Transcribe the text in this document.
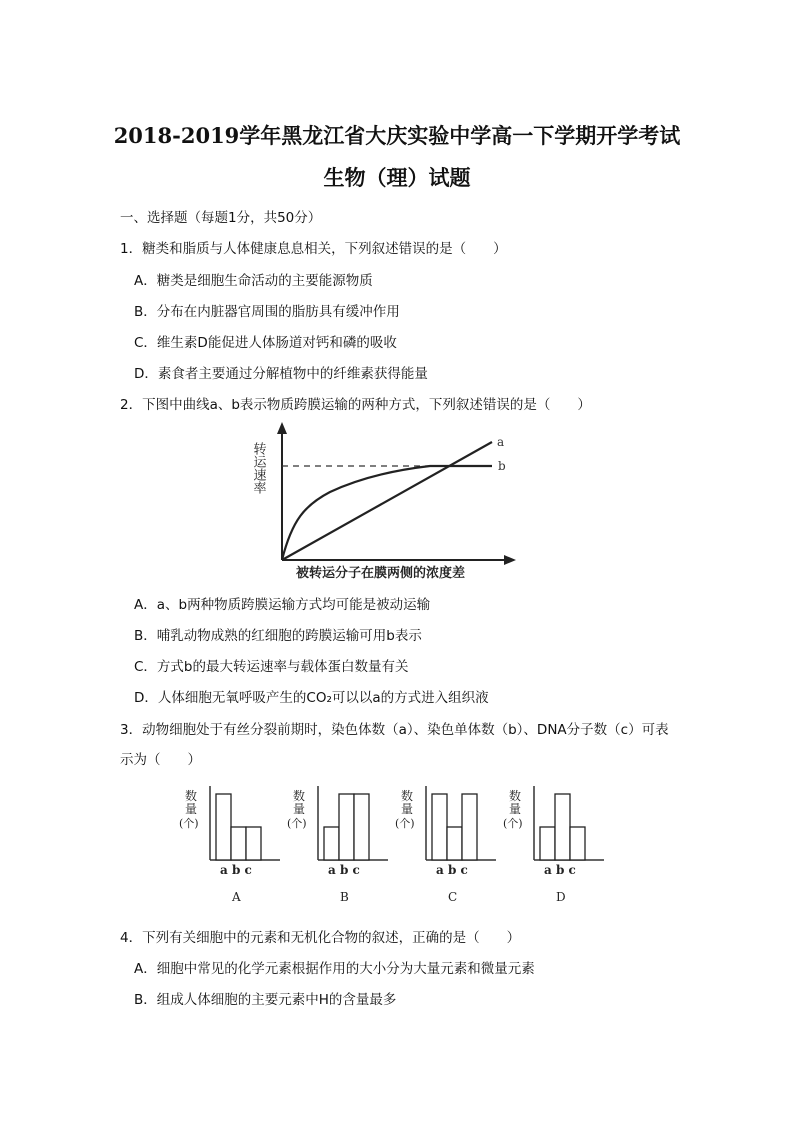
2018-2019学年黑龙江省大庆实验中学高一下学期开学考试
生物（理）试题
一、选择题（每题1分，共50分）
1．糖类和脂质与人体健康息息相关，下列叙述错误的是（　　）
A．糖类是细胞生命活动的主要能源物质
B．分布在内脏器官周围的脂肪具有缓冲作用
C．维生素D能促进人体肠道对钙和磷的吸收
D．素食者主要通过分解植物中的纤维素获得能量
2．下图中曲线a、b表示物质跨膜运输的两种方式，下列叙述错误的是（　　）
a
b
转运速率
被转运分子在膜两侧的浓度差
A．a、b两种物质跨膜运输方式均可能是被动运输
B．哺乳动物成熟的红细胞的跨膜运输可用b表示
C．方式b的最大转运速率与载体蛋白数量有关
D．人体细胞无氧呼吸产生的CO₂可以以a的方式进入组织液
3．动物细胞处于有丝分裂前期时，染色体数（a）、染色单体数（b）、DNA分子数（c）可表
示为（　　）
数
量
(个)
a b c
A
数
量
(个)
a b c
B
数
量
(个)
a b c
C
数
量
(个)
a b c
D
4．下列有关细胞中的元素和无机化合物的叙述，正确的是（　　）
A．细胞中常见的化学元素根据作用的大小分为大量元素和微量元素
B．组成人体细胞的主要元素中H的含量最多
